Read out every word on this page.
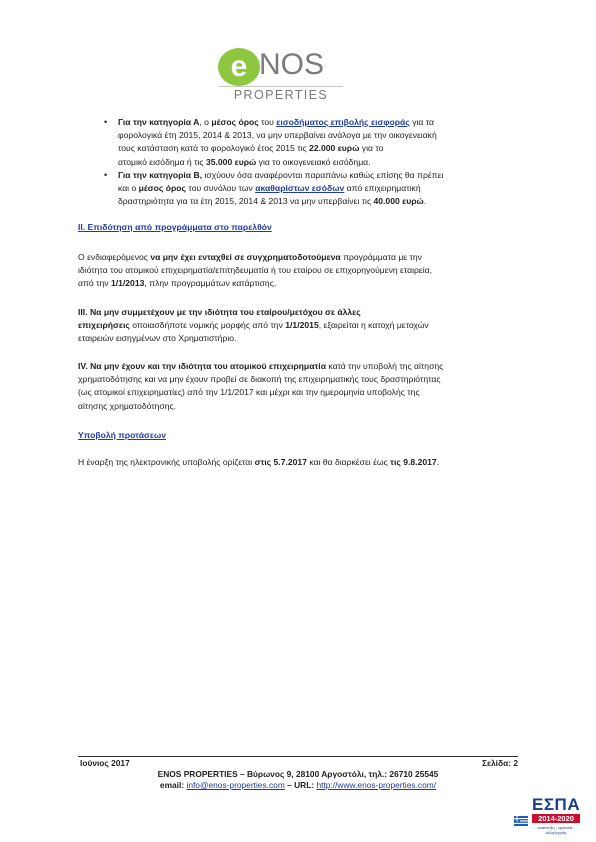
e NOS
PROPERTIES
• Για την κατηγορία Α, ο μέσος όρος του εισοδήματος επιβολής εισφοράς για τα
φορολογικά έτη 2015, 2014 & 2013, να μην υπερβαίνει ανάλογα με την οικογενειακή
τους κατάσταση κατά το φορολογικό έτος 2015 τις 22.000 ευρώ για το
ατομικό εισόδημα ή τις 35.000 ευρώ για το οικογενειακό εισόδημα.
• Για την κατηγορία Β, ισχύουν όσα αναφέρονται παραπάνω καθώς επίσης θα πρέπει
και ο μέσος όρος του συνόλου των ακαθαρίστων εσόδων από επιχειρηματική
δραστηριότητα για τα έτη 2015, 2014 & 2013 να μην υπερβαίνει τις 40.000 ευρώ.
ΙΙ. Επιδότηση από προγράμματα στο παρελθόν
Ο ενδιαφερόμενος να μην έχει ενταχθεί σε συγχρηματοδοτούμενα προγράμματα με την
ιδιότητα του ατομικού επιχειρηματία/επιτηδευματία ή του εταίρου σε επιχορηγούμενη εταιρεία,
από την 1/1/2013, πλην προγραμμάτων κατάρτισης.
III. Να μην συμμετέχουν με την ιδιότητα του εταίρου/μετόχου σε άλλες
επιχειρήσεις οποιασδήποτε νομικής μορφής από την 1/1/2015, εξαιρείται η κατοχή μετοχών
εταιρειών εισηγμένων στο Χρηματιστήριο.
IV. Να μην έχουν και την ιδιότητα του ατομικού επιχειρηματία κατά την υποβολή της αίτησης
χρηματοδότησης και να μην έχουν προβεί σε διακοπή της επιχειρηματικής τους δραστηριότητας
(ως ατομικοί επιχειρηματίες) από την 1/1/2017 και μέχρι και την ημερομηνία υποβολής της
αίτησης χρηματοδότησης.
Υποβολή προτάσεων
Η έναρξη της ηλεκτρονικής υποβολής ορίζεται στις 5.7.2017 και θα διαρκέσει έως τις 9.8.2017.
Ιούνιος 2017	Σελίδα: 2
ENOS PROPERTIES – Βύρωνος 9, 28100 Αργοστόλι, τηλ.: 26710 25545
email: info@enos-properties.com – URL: http://www.enos-properties.com/
ΕΣΠΑ
2014-2020
ανάπτυξη - εργασία - αλληλεγγύη
